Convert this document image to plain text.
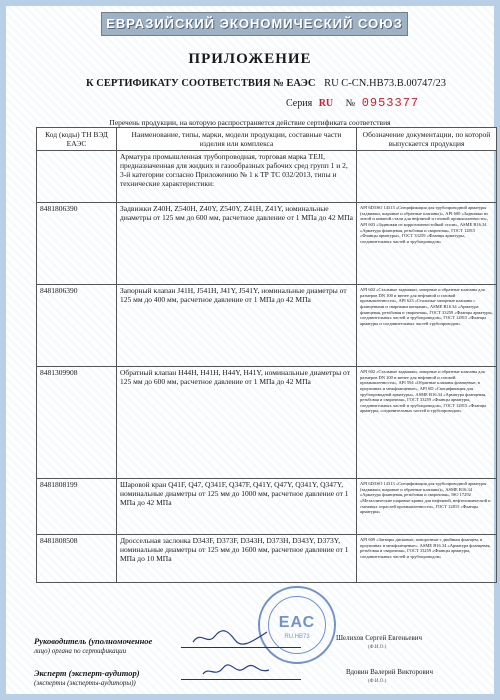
ЕВРАЗИЙСКИЙ ЭКОНОМИЧЕСКИЙ СОЮЗ
ПРИЛОЖЕНИЕ
К СЕРТИФИКАТУ СООТВЕТСТВИЯ № ЕАЭС RU C-CN.HB73.B.00747/23
Серия RU № 0953377
Перечень продукции, на которую распространяется действие сертификата соответствия
Код (коды) ТН ВЭД ЕАЭС	Наименование, типы, марки, модели продукции, составные части изделия или комплекса	Обозначение документации, по которой выпускается продукция
	Арматура промышленная трубопроводная, торговая марка TEJI, предназначенная для жидких и газообразных рабочих сред групп 1 и 2, 3-й категории согласно Приложению № 1 к ТР ТС 032/2013, типы и технические характеристики:	
8481806390	Задвижки Z40H, Z540H, Z40Y, Z540Y, Z41H, Z41Y, номинальные диаметры от 125 мм до 600 мм, расчетное давление от 1 МПа до 42 МПа	API 6D/ISO 14313 «Спецификация для трубопроводной арматуры (задвижки, шаровые и обратные клапаны)», API 600 «Задвижки из литой и кованой стали для нефтяной и газовой промышленности», API 603 «Задвижки из коррозионностойкой стали», ASME B16.34 «Арматура фланцевая, резьбовая и сварочная», ГОСТ 12815 «Фланцы арматуры», ГОСТ 33259 «Фланцы арматуры, соединительных частей и трубопроводов»
8481806390	Запорный клапан J41H, J541H, J41Y, J541Y, номинальные диаметры от 125 мм до 400 мм, расчетное давление от 1 МПа до 42 МПа	API 602 «Стальные задвижки, запорные и обратные клапаны для размеров DN 100 и менее для нефтяной и газовой промышленности», API 623 «Стальные запорные клапаны с фланцевыми и сварными концами», ASME B16.34 «Арматура фланцевая, резьбовая и сварочная», ГОСТ 33259 «Фланцы арматуры, соединительных частей и трубопроводов», ГОСТ 12815 «Фланцы арматуры и соединительных частей трубопроводов»
8481309908	Обратный клапан H44H, H41H, H44Y, H41Y, номинальные диаметры от 125 мм до 600 мм, расчетное давление от 1 МПа до 42 МПа	API 602 «Стальные задвижки, запорные и обратные клапаны для размеров DN 100 и менее для нефтяной и газовой промышленности», API 594 «Обратные клапаны фланцевые, в проушинах и межфланцевые», API 6D «Спецификация для трубопроводной арматуры», ASME B16.34 «Арматура фланцевая, резьбовая и сварочная», ГОСТ 33259 «Фланцы арматуры, соединительных частей и трубопроводов», ГОСТ 12815 «Фланцы арматуры, соединительных частей и трубопроводов»
8481808199	Шаровой кран Q41F, Q47, Q341F, Q347F, Q41Y, Q47Y, Q341Y, Q347Y, номинальные диаметры от 125 мм до 1000 мм, расчетное давление от 1 МПа до 42 МПа	API 6D/ISO 14313 «Спецификация для трубопроводной арматуры (задвижки, шаровые и обратные клапаны)», ASME B16.34 «Арматура фланцевая, резьбовая и сварочная», ISO 17292 «Металлические шаровые краны для нефтяной, нефтехимической и смежных отраслей промышленности», ГОСТ 12815 «Фланцы арматуры»
8481808508	Дроссельная заслонка D343F, D373F, D343H, D373H, D343Y, D373Y, номинальные диаметры от 125 мм до 1600 мм, расчетное давление от 1 МПа до 10 МПа	API 609 «Затворы дисковые, поворотные с двойным фланцем, в проушинах и межфланцевые», ASME B16.34 «Арматура фланцевая, резьбовая и сварочная», ГОСТ 33259 «Фланцы арматуры, соединительных частей и трубопроводов»
ЕАС
RU.HB73
Руководитель (уполномоченное
лицо) органа по сертификации
Шелихов Сергей Евгеньевич
(Ф.И.О.)
Эксперт (эксперт-аудитор)
(эксперты (эксперты-аудиторы))
Вдовин Валерий Викторович
(Ф.И.О.)
